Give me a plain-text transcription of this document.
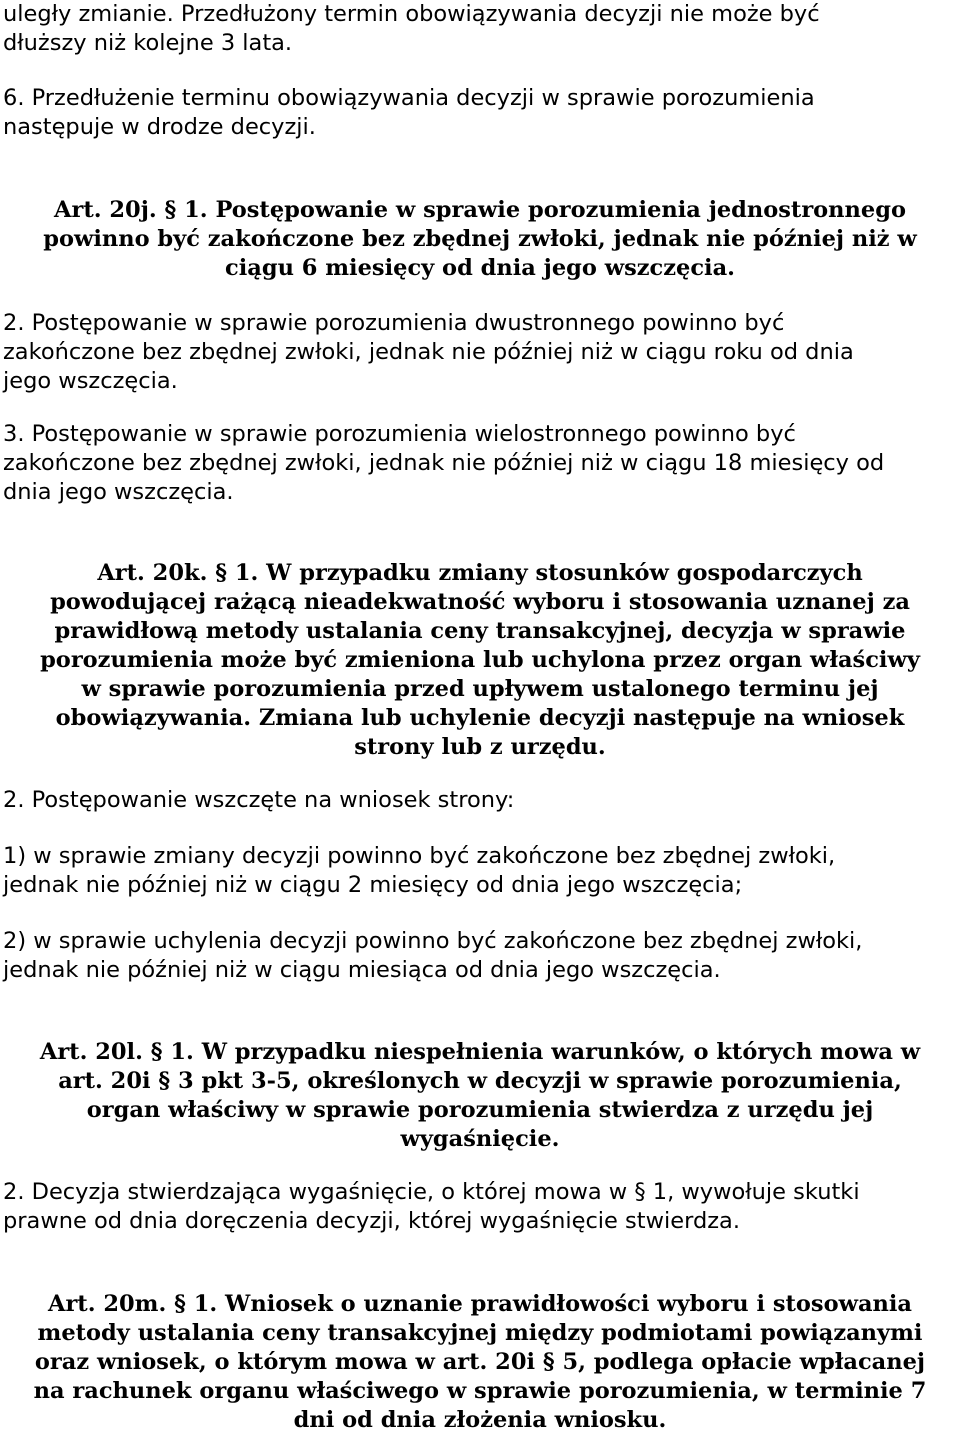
uległy zmianie. Przedłużony termin obowiązywania decyzji nie może być
dłuższy niż kolejne 3 lata.
6. Przedłużenie terminu obowiązywania decyzji w sprawie porozumienia
następuje w drodze decyzji.
Art. 20j. § 1. Postępowanie w sprawie porozumienia jednostronnego
powinno być zakończone bez zbędnej zwłoki, jednak nie później niż w
ciągu 6 miesięcy od dnia jego wszczęcia.
2. Postępowanie w sprawie porozumienia dwustronnego powinno być
zakończone bez zbędnej zwłoki, jednak nie później niż w ciągu roku od dnia
jego wszczęcia.
3. Postępowanie w sprawie porozumienia wielostronnego powinno być
zakończone bez zbędnej zwłoki, jednak nie później niż w ciągu 18 miesięcy od
dnia jego wszczęcia.
Art. 20k. § 1. W przypadku zmiany stosunków gospodarczych
powodującej rażącą nieadekwatność wyboru i stosowania uznanej za
prawidłową metody ustalania ceny transakcyjnej, decyzja w sprawie
porozumienia może być zmieniona lub uchylona przez organ właściwy
w sprawie porozumienia przed upływem ustalonego terminu jej
obowiązywania. Zmiana lub uchylenie decyzji następuje na wniosek
strony lub z urzędu.
2. Postępowanie wszczęte na wniosek strony:
1) w sprawie zmiany decyzji powinno być zakończone bez zbędnej zwłoki,
jednak nie później niż w ciągu 2 miesięcy od dnia jego wszczęcia;
2) w sprawie uchylenia decyzji powinno być zakończone bez zbędnej zwłoki,
jednak nie później niż w ciągu miesiąca od dnia jego wszczęcia.
Art. 20l. § 1. W przypadku niespełnienia warunków, o których mowa w
art. 20i § 3 pkt 3-5, określonych w decyzji w sprawie porozumienia,
organ właściwy w sprawie porozumienia stwierdza z urzędu jej
wygaśnięcie.
2. Decyzja stwierdzająca wygaśnięcie, o której mowa w § 1, wywołuje skutki
prawne od dnia doręczenia decyzji, której wygaśnięcie stwierdza.
Art. 20m. § 1. Wniosek o uznanie prawidłowości wyboru i stosowania
metody ustalania ceny transakcyjnej między podmiotami powiązanymi
oraz wniosek, o którym mowa w art. 20i § 5, podlega opłacie wpłacanej
na rachunek organu właściwego w sprawie porozumienia, w terminie 7
dni od dnia złożenia wniosku.
